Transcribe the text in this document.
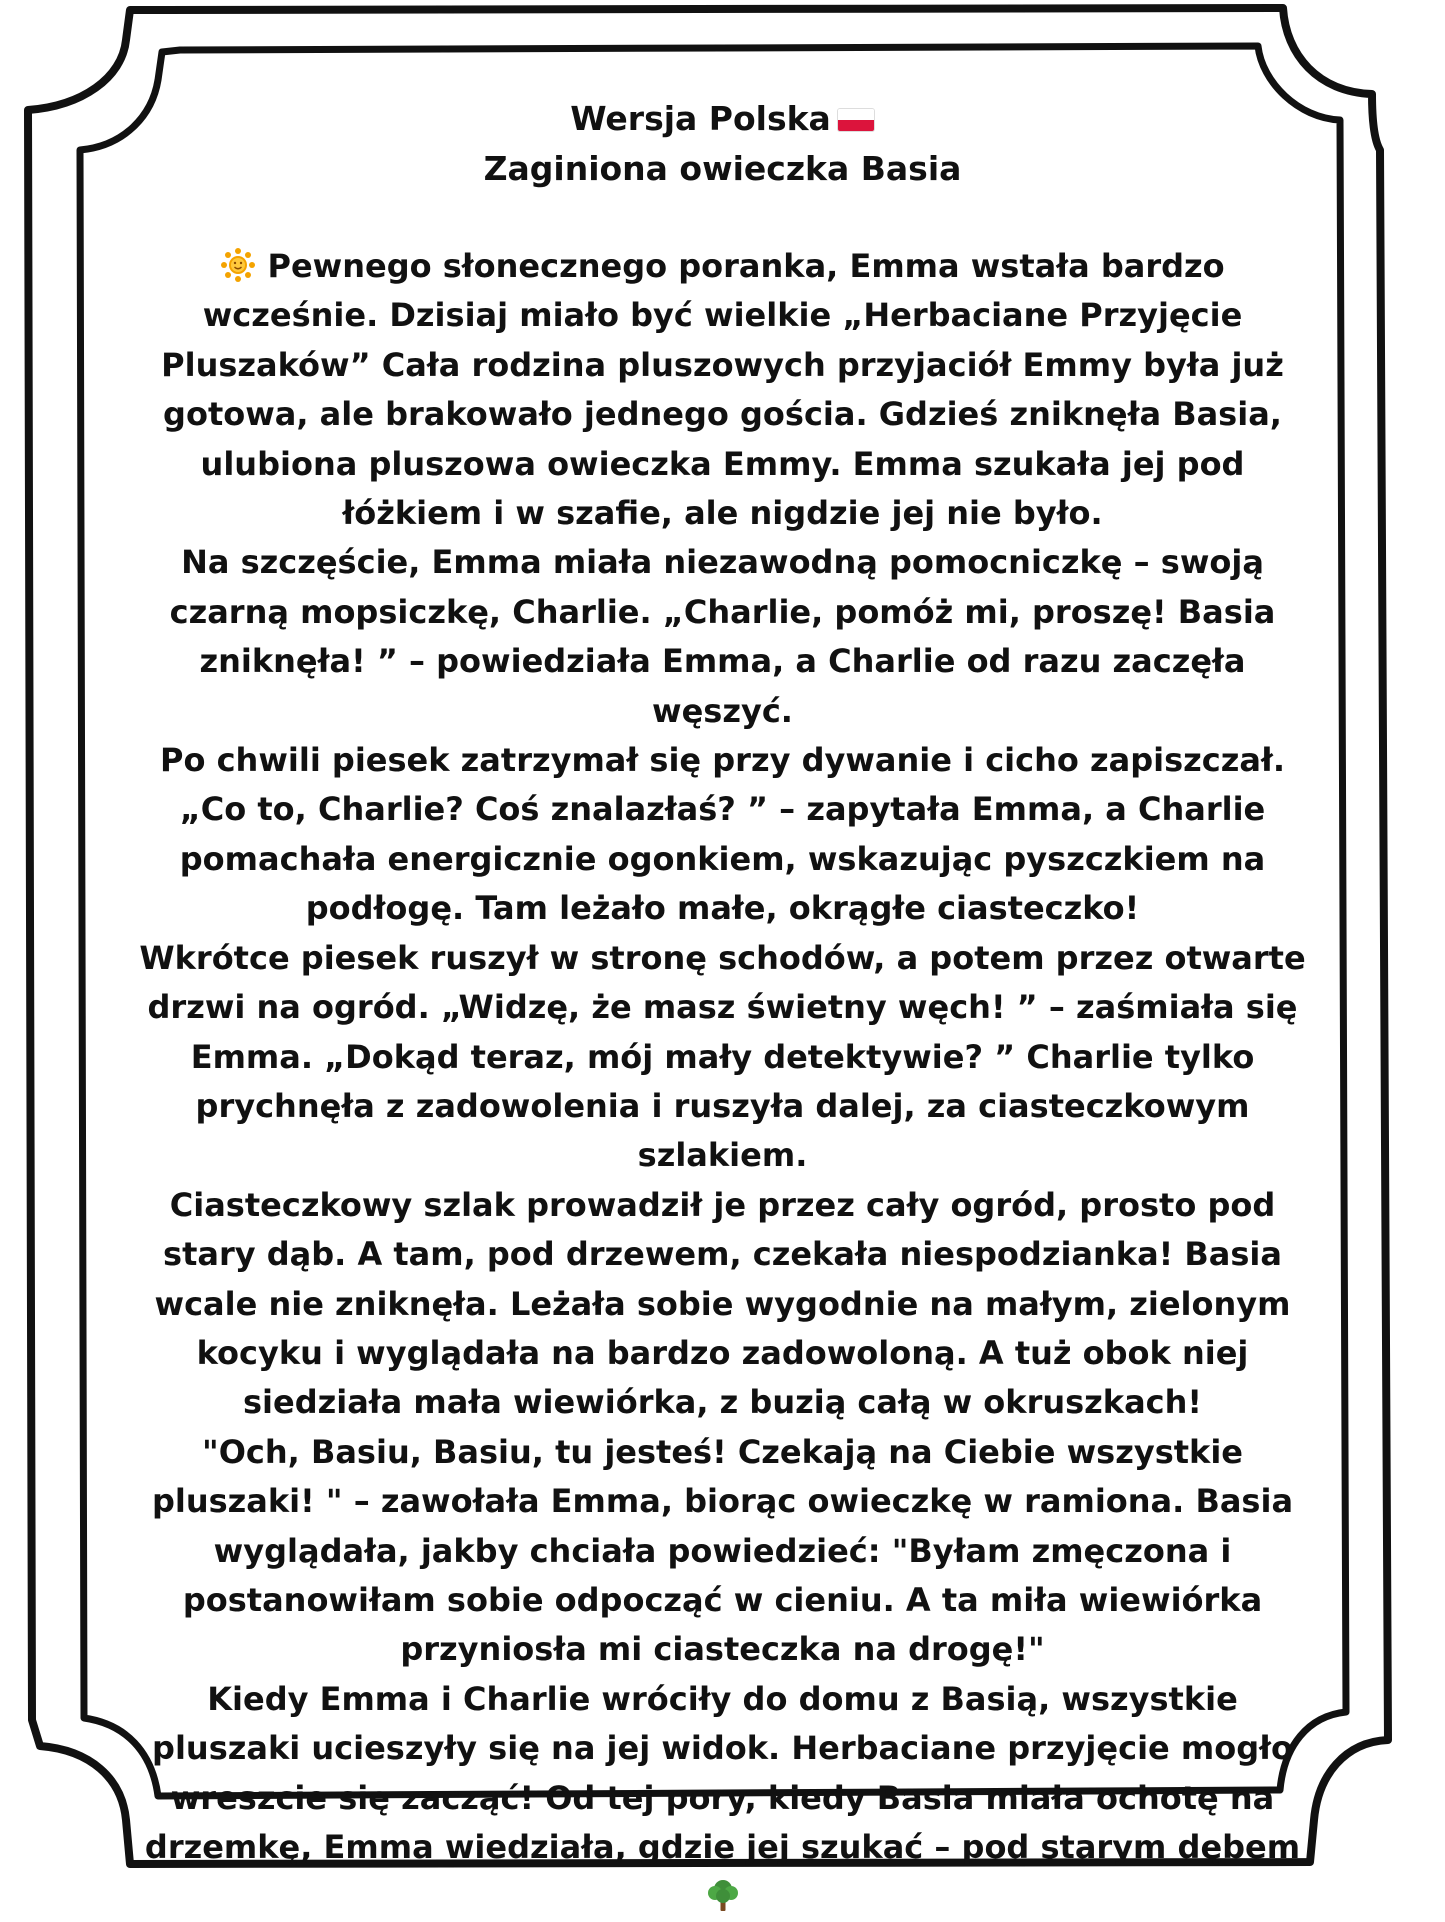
Wersja Polska

Zaginiona owieczka Basia

Pewnego słonecznego poranka, Emma wstała bardzo wcześnie. Dzisiaj miało być wielkie „Herbaciane Przyjęcie Pluszaków” Cała rodzina pluszowych przyjaciół Emmy była już gotowa, ale brakowało jednego gościa. Gdzieś zniknęła Basia, ulubiona pluszowa owieczka Emmy. Emma szukała jej pod łóżkiem i w szafie, ale nigdzie jej nie było.

Na szczęście, Emma miała niezawodną pomocniczkę – swoją czarną mopsiczkę, Charlie. „Charlie, pomóż mi, proszę! Basia zniknęła! ” – powiedziała Emma, a Charlie od razu zaczęła węszyć.

Po chwili piesek zatrzymał się przy dywanie i cicho zapiszczał. „Co to, Charlie? Coś znalazłaś? ” – zapytała Emma, a Charlie pomachała energicznie ogonkiem, wskazując pyszczkiem na podłogę. Tam leżało małe, okrągłe ciasteczko!

Wkrótce piesek ruszył w stronę schodów, a potem przez otwarte drzwi na ogród. „Widzę, że masz świetny węch! ” – zaśmiała się Emma. „Dokąd teraz, mój mały detektywie? ” Charlie tylko prychnęła z zadowolenia i ruszyła dalej, za ciasteczkowym szlakiem.

Ciasteczkowy szlak prowadził je przez cały ogród, prosto pod stary dąb. A tam, pod drzewem, czekała niespodzianka! Basia wcale nie zniknęła. Leżała sobie wygodnie na małym, zielonym kocyku i wyglądała na bardzo zadowoloną. A tuż obok niej siedziała mała wiewiórka, z buzią całą w okruszkach!

"Och, Basiu, Basiu, tu jesteś! Czekają na Ciebie wszystkie pluszaki! " – zawołała Emma, biorąc owieczkę w ramiona. Basia wyglądała, jakby chciała powiedzieć: "Byłam zmęczona i postanowiłam sobie odpocząć w cieniu. A ta miła wiewiórka przyniosła mi ciasteczka na drogę!"

Kiedy Emma i Charlie wróciły do domu z Basią, wszystkie pluszaki ucieszyły się na jej widok. Herbaciane przyjęcie mogło wreszcie się zacząć! Od tej pory, kiedy Basia miała ochotę na drzemkę, Emma wiedziała, gdzie jej szukać – pod starym dębem
